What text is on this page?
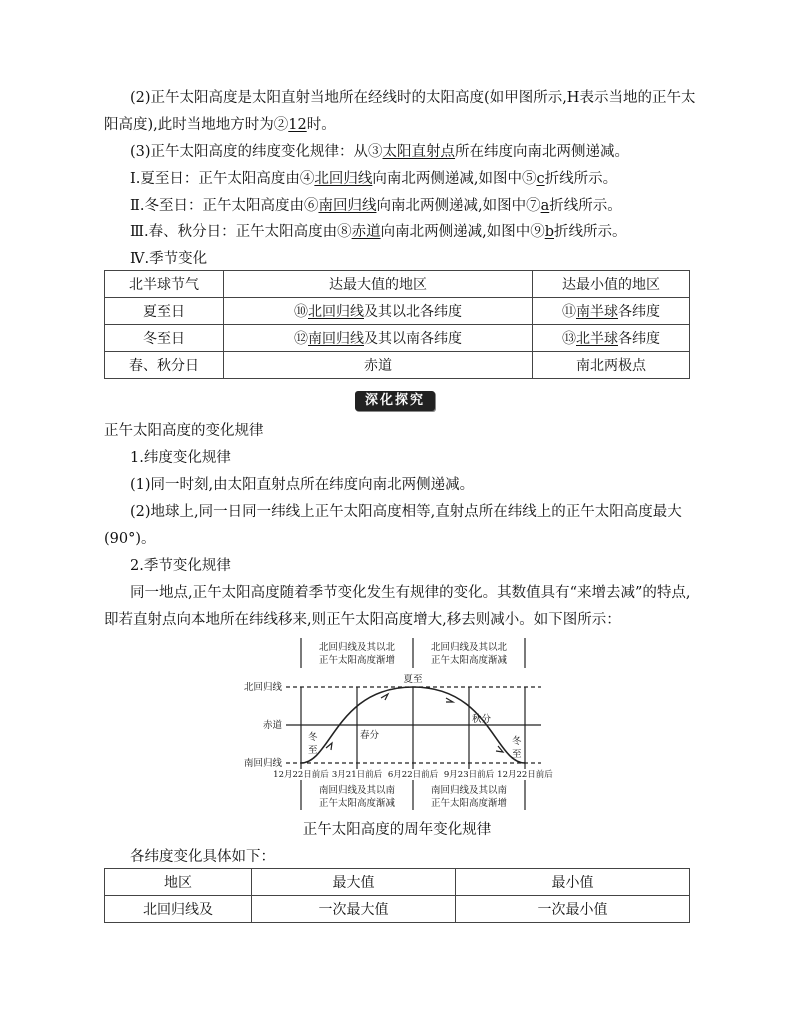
(2)正午太阳高度是太阳直射当地所在经线时的太阳高度(如甲图所示,H表示当地的正午太
阳高度),此时当地地方时为②12时。
(3)正午太阳高度的纬度变化规律：从③太阳直射点所在纬度向南北两侧递减。
Ⅰ.夏至日：正午太阳高度由④北回归线向南北两侧递减,如图中⑤c折线所示。
Ⅱ.冬至日：正午太阳高度由⑥南回归线向南北两侧递减,如图中⑦a折线所示。
Ⅲ.春、秋分日：正午太阳高度由⑧赤道向南北两侧递减,如图中⑨b折线所示。
Ⅳ.季节变化
北半球节气	达最大值的地区	达最小值的地区
夏至日	⑩北回归线及其以北各纬度	⑪南半球各纬度
冬至日	⑫南回归线及其以南各纬度	⑬北半球各纬度
春、秋分日	赤道	南北两极点
深化探究
正午太阳高度的变化规律
1.纬度变化规律
(1)同一时刻,由太阳直射点所在纬度向南北两侧递减。
(2)地球上,同一日同一纬线上正午太阳高度相等,直射点所在纬线上的正午太阳高度最大
(90°)。
2.季节变化规律
同一地点,正午太阳高度随着季节变化发生有规律的变化。其数值具有“来增去减”的特点,
即若直射点向本地所在纬线移来,则正午太阳高度增大,移去则减小。如下图所示：
北回归线及其以北
正午太阳高度渐增
北回归线及其以北
正午太阳高度渐减
南回归线及其以南
正午太阳高度渐减
南回归线及其以南
正午太阳高度渐增
北回归线
赤道
南回归线
夏至
春分
秋分
冬
至
冬
至
12月22日前后 3月21日前后 6月22日前后 9月23日前后 12月22日前后
正午太阳高度的周年变化规律
各纬度变化具体如下：
地区	最大值	最小值
北回归线及	一次最大值	一次最小值
